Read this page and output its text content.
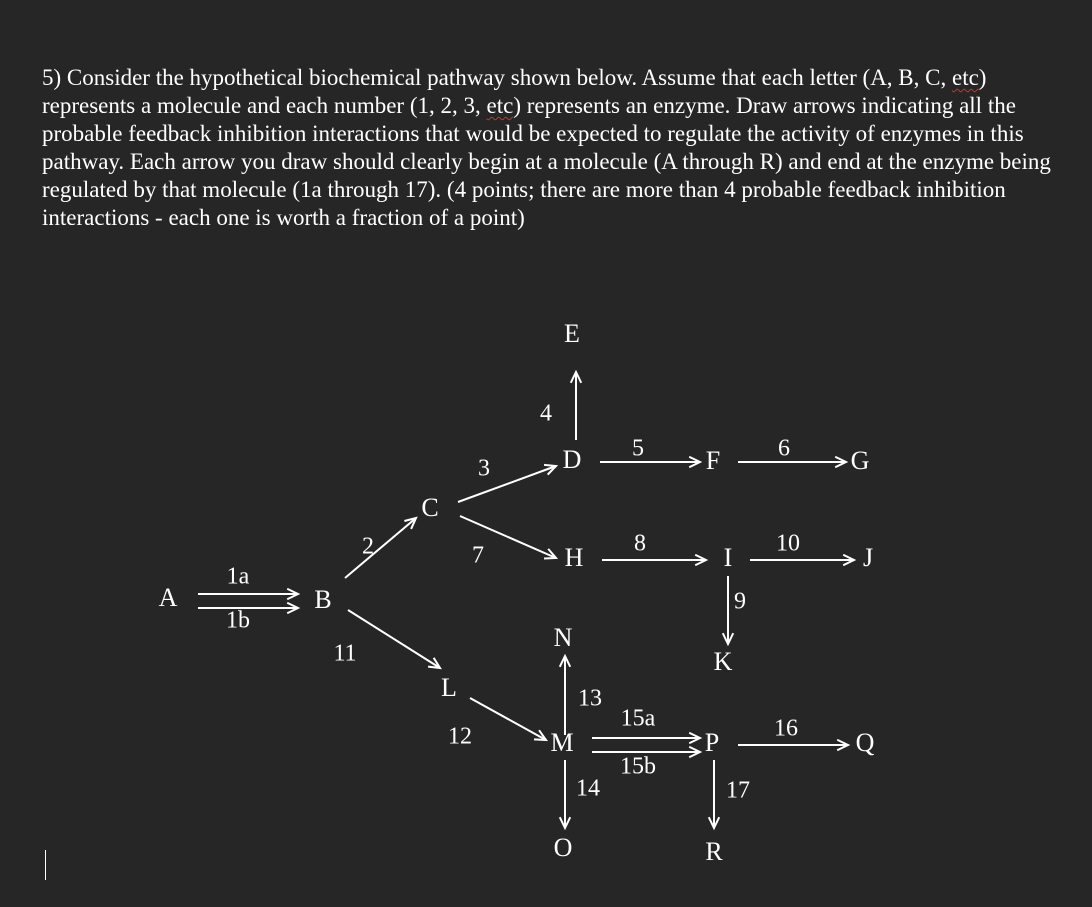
5) Consider the hypothetical biochemical pathway shown below. Assume that each letter (A, B, C, etc) represents a molecule and each number (1, 2, 3, etc) represents an enzyme. Draw arrows indicating all the probable feedback inhibition interactions that would be expected to regulate the activity of enzymes in this pathway. Each arrow you draw should clearly begin at a molecule (A through R) and end at the enzyme being regulated by that molecule (1a through 17). (4 points; there are more than 4 probable feedback inhibition interactions - each one is worth a fraction of a point)

A	B
C
D
E
F	G
H	I	J
K
L
M
N
O
P	Q
R
1a
1b
2
3
4
5	6
7	8
9
10
11
12
13
14
15a
15b
16
17
